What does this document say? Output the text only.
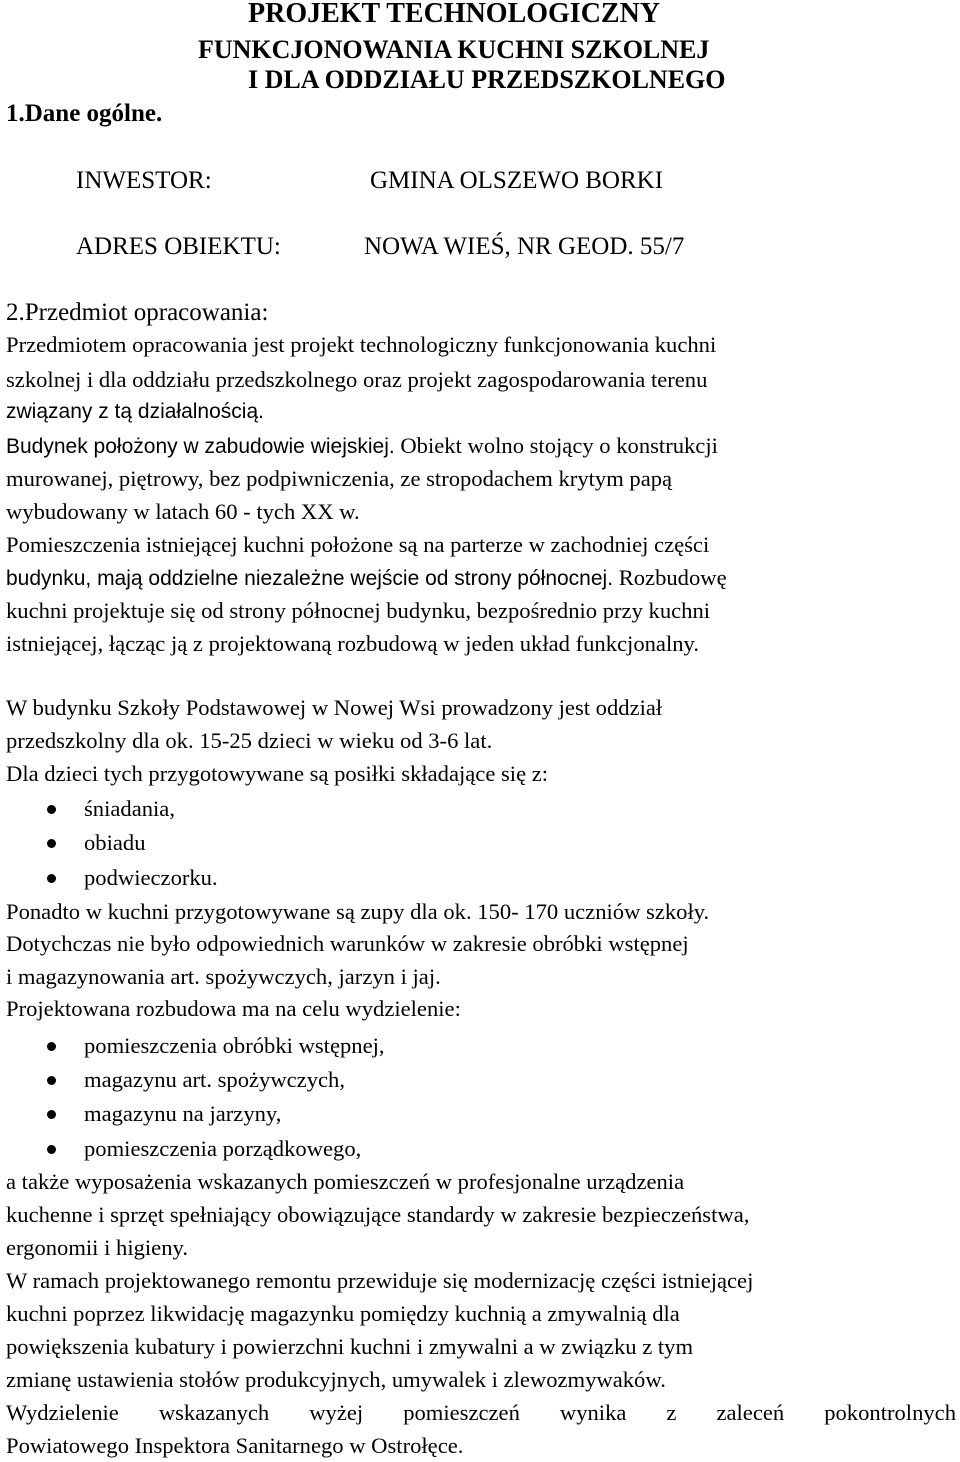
PROJEKT TECHNOLOGICZNY
FUNKCJONOWANIA KUCHNI SZKOLNEJ
I DLA ODDZIAŁU PRZEDSZKOLNEGO
1.Dane ogólne.
INWESTOR:	GMINA OLSZEWO BORKI
ADRES OBIEKTU:	NOWA WIEŚ, NR GEOD. 55/7
2.Przedmiot opracowania:
Przedmiotem opracowania jest projekt technologiczny funkcjonowania kuchni
szkolnej i dla oddziału przedszkolnego oraz projekt zagospodarowania terenu
związany z tą działalnością.
Budynek położony w zabudowie wiejskiej. Obiekt wolno stojący o konstrukcji
murowanej, piętrowy, bez podpiwniczenia, ze stropodachem krytym papą
wybudowany w latach 60 - tych XX w.
Pomieszczenia istniejącej kuchni położone są na parterze w zachodniej części
budynku, mają oddzielne niezależne wejście od strony północnej. Rozbudowę
kuchni projektuje się od strony północnej budynku, bezpośrednio przy kuchni
istniejącej, łącząc ją z projektowaną rozbudową w jeden układ funkcjonalny.
W budynku Szkoły Podstawowej w Nowej Wsi prowadzony jest oddział
przedszkolny dla ok. 15-25 dzieci w wieku od 3-6 lat.
Dla dzieci tych przygotowywane są posiłki składające się z:
śniadania,
obiadu
podwieczorku.
Ponadto w kuchni przygotowywane są zupy dla ok. 150- 170 uczniów szkoły.
Dotychczas nie było odpowiednich warunków w zakresie obróbki wstępnej
i magazynowania art. spożywczych, jarzyn i jaj.
Projektowana rozbudowa ma na celu wydzielenie:
pomieszczenia obróbki wstępnej,
magazynu art. spożywczych,
magazynu na jarzyny,
pomieszczenia porządkowego,
a także wyposażenia wskazanych pomieszczeń w profesjonalne urządzenia
kuchenne i sprzęt spełniający obowiązujące standardy w zakresie bezpieczeństwa,
ergonomii i higieny.
W ramach projektowanego remontu przewiduje się modernizację części istniejącej
kuchni poprzez likwidację magazynku pomiędzy kuchnią a zmywalnią dla
powiększenia kubatury i powierzchni kuchni i zmywalni a w związku z tym
zmianę ustawienia stołów produkcyjnych, umywalek i zlewozmywaków.
Wydzielenie wskazanych wyżej pomieszczeń wynika z zaleceń pokontrolnych
Powiatowego Inspektora Sanitarnego w Ostrołęce.
